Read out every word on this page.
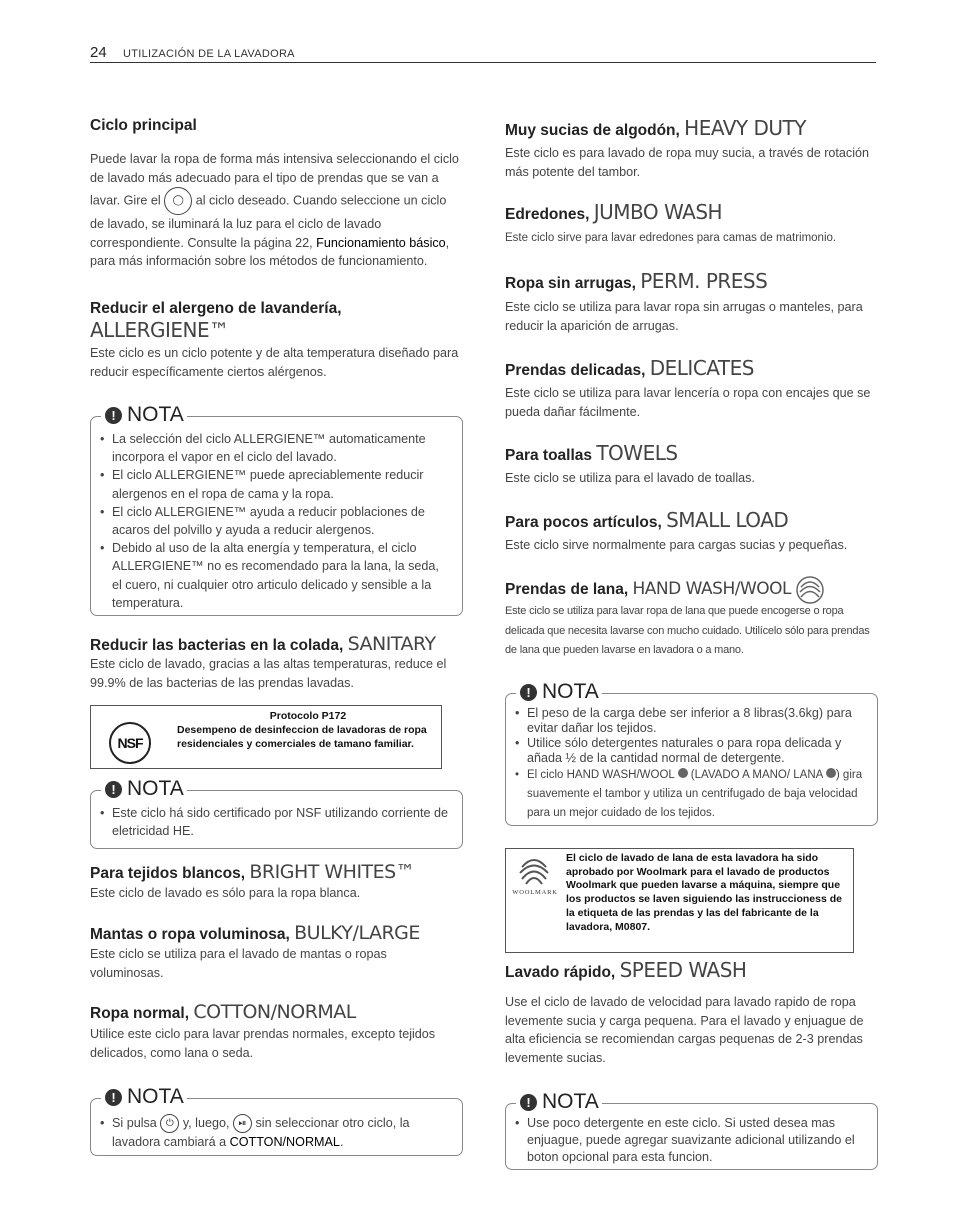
24 UTILIZACIÓN DE LA LAVADORA
Ciclo principal
Puede lavar la ropa de forma más intensiva seleccionando el ciclo de lavado más adecuado para el tipo de prendas que se van a lavar. Gire el ◯ al ciclo deseado. Cuando seleccione un ciclo de lavado, se iluminará la luz para el ciclo de lavado correspondiente. Consulte la página 22, Funcionamiento básico, para más información sobre los métodos de funcionamiento.
Reducir el alergeno de lavandería,
ALLERGIENE™
Este ciclo es un ciclo potente y de alta temperatura diseñado para reducir específicamente ciertos alérgenos.
! NOTA
• La selección del ciclo ALLERGIENE™ automaticamente incorpora el vapor en el ciclo del lavado.
• El ciclo ALLERGIENE™ puede apreciablemente reducir alergenos en el ropa de cama y la ropa.
• El ciclo ALLERGIENE™ ayuda a reducir poblaciones de acaros del polvillo y ayuda a reducir alergenos.
• Debido al uso de la alta energía y temperatura, el ciclo ALLERGIENE™ no es recomendado para la lana, la seda, el cuero, ni cualquier otro articulo delicado y sensible a la temperatura.
Reducir las bacterias en la colada, SANITARY
Este ciclo de lavado, gracias a las altas temperaturas, reduce el 99.9% de las bacterias de las prendas lavadas.
NSF
Protocolo P172
Desempeno de desinfeccion de lavadoras de ropa residenciales y comerciales de tamano familiar.
! NOTA
• Este ciclo há sido certificado por NSF utilizando corriente de eletricidad HE.
Para tejidos blancos, BRIGHT WHITES™
Este ciclo de lavado es sólo para la ropa blanca.
Mantas o ropa voluminosa, BULKY/LARGE
Este ciclo se utiliza para el lavado de mantas o ropas voluminosas.
Ropa normal, COTTON/NORMAL
Utilice este ciclo para lavar prendas normales, excepto tejidos delicados, como lana o seda.
! NOTA
• Si pulsa ⏻ y, luego, ⏯ sin seleccionar otro ciclo, la lavadora cambiará a COTTON/NORMAL.
Muy sucias de algodón, HEAVY DUTY
Este ciclo es para lavado de ropa muy sucia, a través de rotación más potente del tambor.
Edredones, JUMBO WASH
Este ciclo sirve para lavar edredones para camas de matrimonio.
Ropa sin arrugas, PERM. PRESS
Este ciclo se utiliza para lavar ropa sin arrugas o manteles, para reducir la aparición de arrugas.
Prendas delicadas, DELICATES
Este ciclo se utiliza para lavar lencería o ropa con encajes que se pueda dañar fácilmente.
Para toallas TOWELS
Este ciclo se utiliza para el lavado de toallas.
Para pocos artículos, SMALL LOAD
Este ciclo sirve normalmente para cargas sucias y pequeñas.
Prendas de lana, HAND WASH/WOOL
Este ciclo se utiliza para lavar ropa de lana que puede encogerse o ropa delicada que necesita lavarse con mucho cuidado. Utilícelo sólo para prendas de lana que pueden lavarse en lavadora o a mano.
! NOTA
• El peso de la carga debe ser inferior a 8 libras(3.6kg) para evitar dañar los tejidos.
• Utilice sólo detergentes naturales o para ropa delicada y añada ½ de la cantidad normal de detergente.
• El ciclo HAND WASH/WOOL (LAVADO A MANO/ LANA ) gira suavemente el tambor y utiliza un centrifugado de baja velocidad para un mejor cuidado de los tejidos.
WOOLMARK
El ciclo de lavado de lana de esta lavadora ha sido aprobado por Woolmark para el lavado de productos Woolmark que pueden lavarse a máquina, siempre que los productos se laven siguiendo las instruccioness de la etiqueta de las prendas y las del fabricante de la lavadora, M0807.
Lavado rápido, SPEED WASH
Use el ciclo de lavado de velocidad para lavado rapido de ropa levemente sucia y carga pequena. Para el lavado y enjuague de alta eficiencia se recomiendan cargas pequenas de 2-3 prendas levemente sucias.
! NOTA
• Use poco detergente en este ciclo. Si usted desea mas enjuague, puede agregar suavizante adicional utilizando el boton opcional para esta funcion.
